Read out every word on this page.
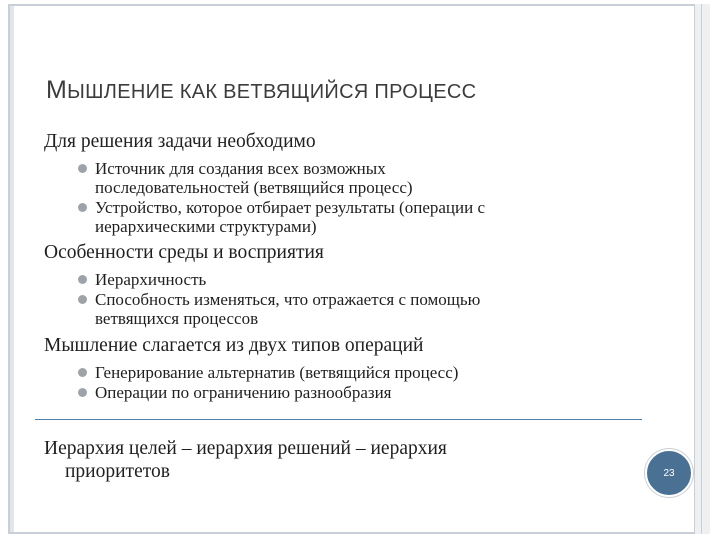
МЫШЛЕНИЕ КАК ВЕТВЯЩИЙСЯ ПРОЦЕСС
Для решения задачи необходимо
Источник для создания всех возможных
последовательностей (ветвящийся процесс)
Устройство, которое отбирает результаты (операции с
иерархическими структурами)
Особенности среды и восприятия
Иерархичность
Способность изменяться, что отражается с помощью
ветвящихся процессов
Мышление слагается из двух типов операций
Генерирование альтернатив (ветвящийся процесс)
Операции по ограничению разнообразия
Иерархия целей – иерархия решений – иерархия
приоритетов	23
